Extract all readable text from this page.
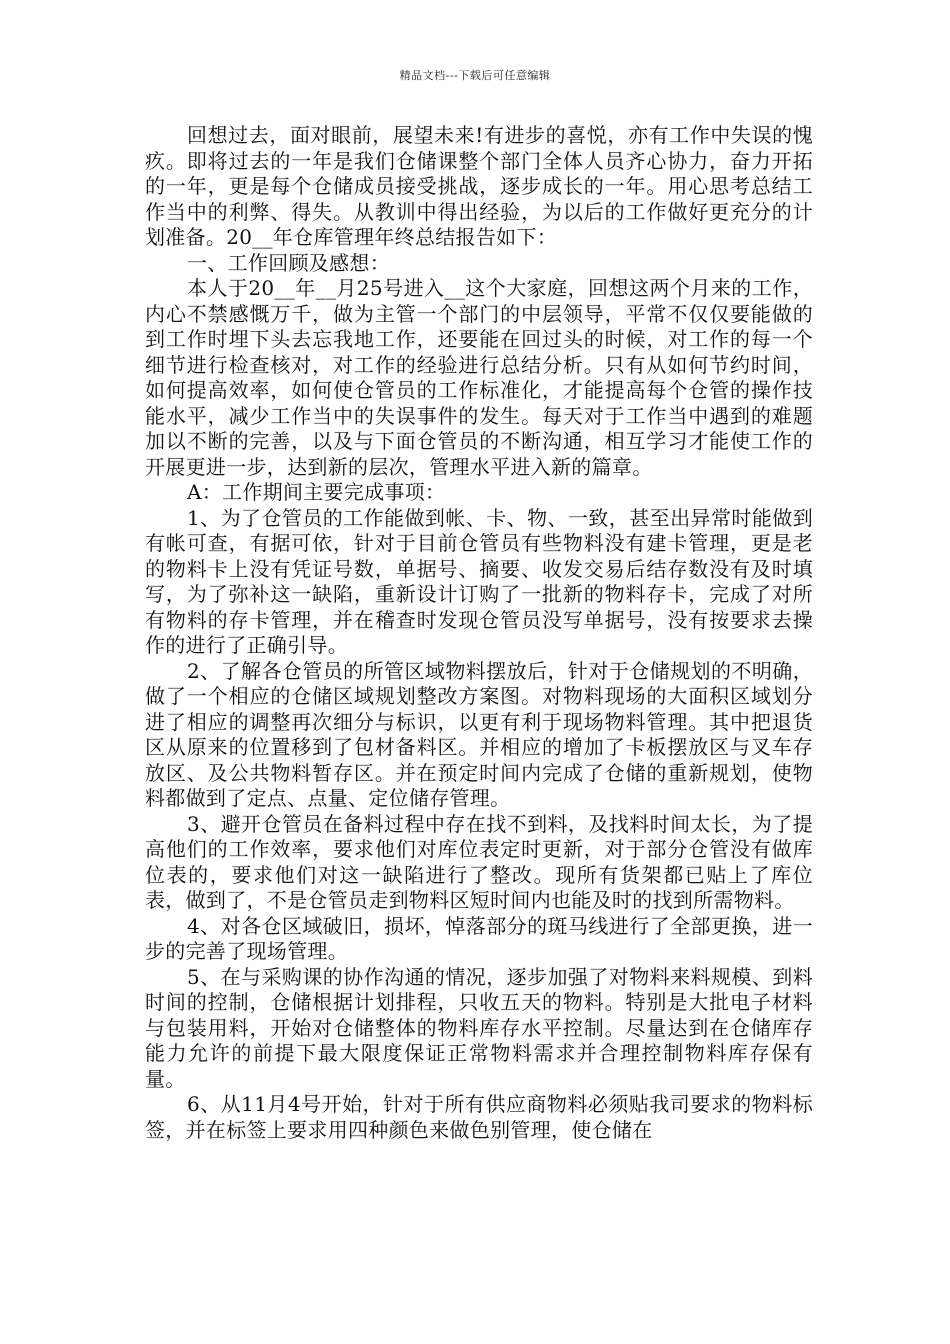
精品文档---下载后可任意编辑

回想过去，面对眼前，展望未来!有进步的喜悦，亦有工作中失误的愧疚。即将过去的一年是我们仓储课整个部门全体人员齐心协力，奋力开拓的一年，更是每个仓储成员接受挑战，逐步成长的一年。用心思考总结工作当中的利弊、得失。从教训中得出经验，为以后的工作做好更充分的计划准备。20__年仓库管理年终总结报告如下：

一、工作回顾及感想：

本人于20__年__月25号进入__这个大家庭，回想这两个月来的工作，内心不禁感慨万千，做为主管一个部门的中层领导，平常不仅仅要能做的到工作时埋下头去忘我地工作，还要能在回过头的时候，对工作的每一个细节进行检查核对，对工作的经验进行总结分析。只有从如何节约时间，如何提高效率，如何使仓管员的工作标准化，才能提高每个仓管的操作技能水平，减少工作当中的失误事件的发生。每天对于工作当中遇到的难题加以不断的完善，以及与下面仓管员的不断沟通，相互学习才能使工作的开展更进一步，达到新的层次，管理水平进入新的篇章。

A：工作期间主要完成事项：

1、为了仓管员的工作能做到帐、卡、物、一致，甚至出异常时能做到有帐可查，有据可依，针对于目前仓管员有些物料没有建卡管理，更是老的物料卡上没有凭证号数，单据号、摘要、收发交易后结存数没有及时填写，为了弥补这一缺陷，重新设计订购了一批新的物料存卡，完成了对所有物料的存卡管理，并在稽查时发现仓管员没写单据号，没有按要求去操作的进行了正确引导。

2、了解各仓管员的所管区域物料摆放后，针对于仓储规划的不明确，做了一个相应的仓储区域规划整改方案图。对物料现场的大面积区域划分进了相应的调整再次细分与标识，以更有利于现场物料管理。其中把退货区从原来的位置移到了包材备料区。并相应的增加了卡板摆放区与叉车存放区、及公共物料暂存区。并在预定时间内完成了仓储的重新规划，使物料都做到了定点、点量、定位储存管理。

3、避开仓管员在备料过程中存在找不到料，及找料时间太长，为了提高他们的工作效率，要求他们对库位表定时更新，对于部分仓管没有做库位表的，要求他们对这一缺陷进行了整改。现所有货架都已贴上了库位表，做到了，不是仓管员走到物料区短时间内也能及时的找到所需物料。

4、对各仓区域破旧，损坏，悼落部分的斑马线进行了全部更换，进一步的完善了现场管理。

5、在与采购课的协作沟通的情况，逐步加强了对物料来料规模、到料时间的控制，仓储根据计划排程，只收五天的物料。特别是大批电子材料与包装用料，开始对仓储整体的物料库存水平控制。尽量达到在仓储库存能力允许的前提下最大限度保证正常物料需求并合理控制物料库存保有量。

6、从11月4号开始，针对于所有供应商物料必须贴我司要求的物料标签，并在标签上要求用四种颜色来做色别管理，使仓储在
